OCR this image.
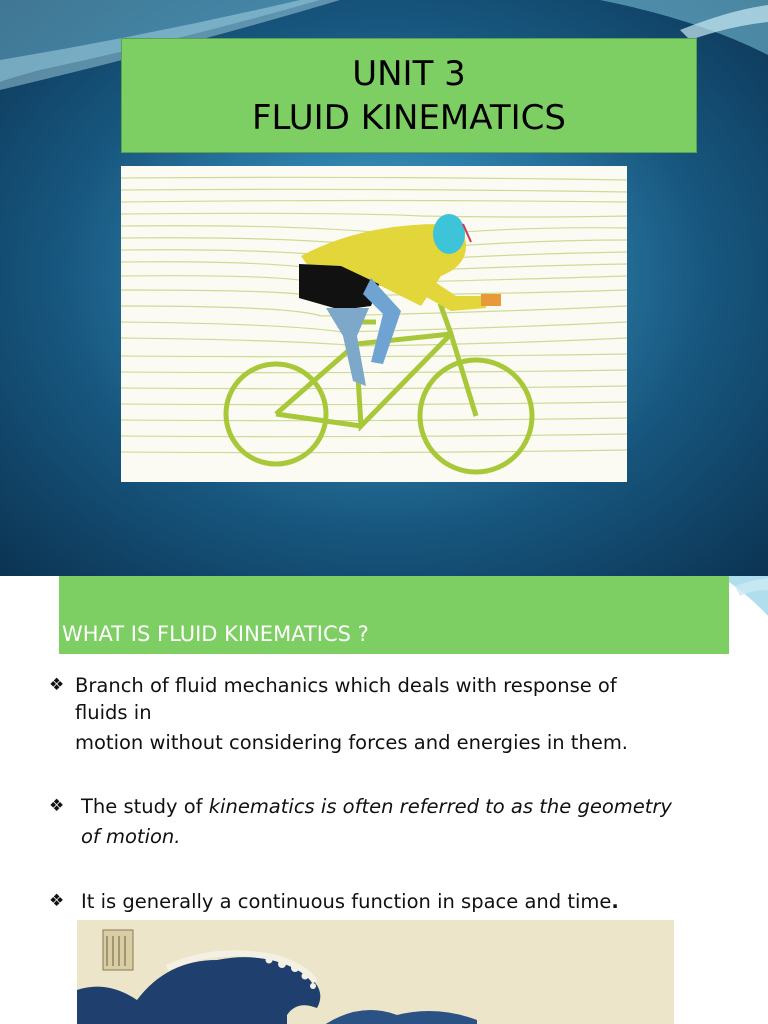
UNIT 3
FLUID KINEMATICS
WHAT IS FLUID KINEMATICS ?
❖ Branch of fluid mechanics which deals with response of
fluids in
motion without considering forces and energies in them.
❖ The study of kinematics is often referred to as the geometry
of motion.
❖ It is generally a continuous function in space and time.
